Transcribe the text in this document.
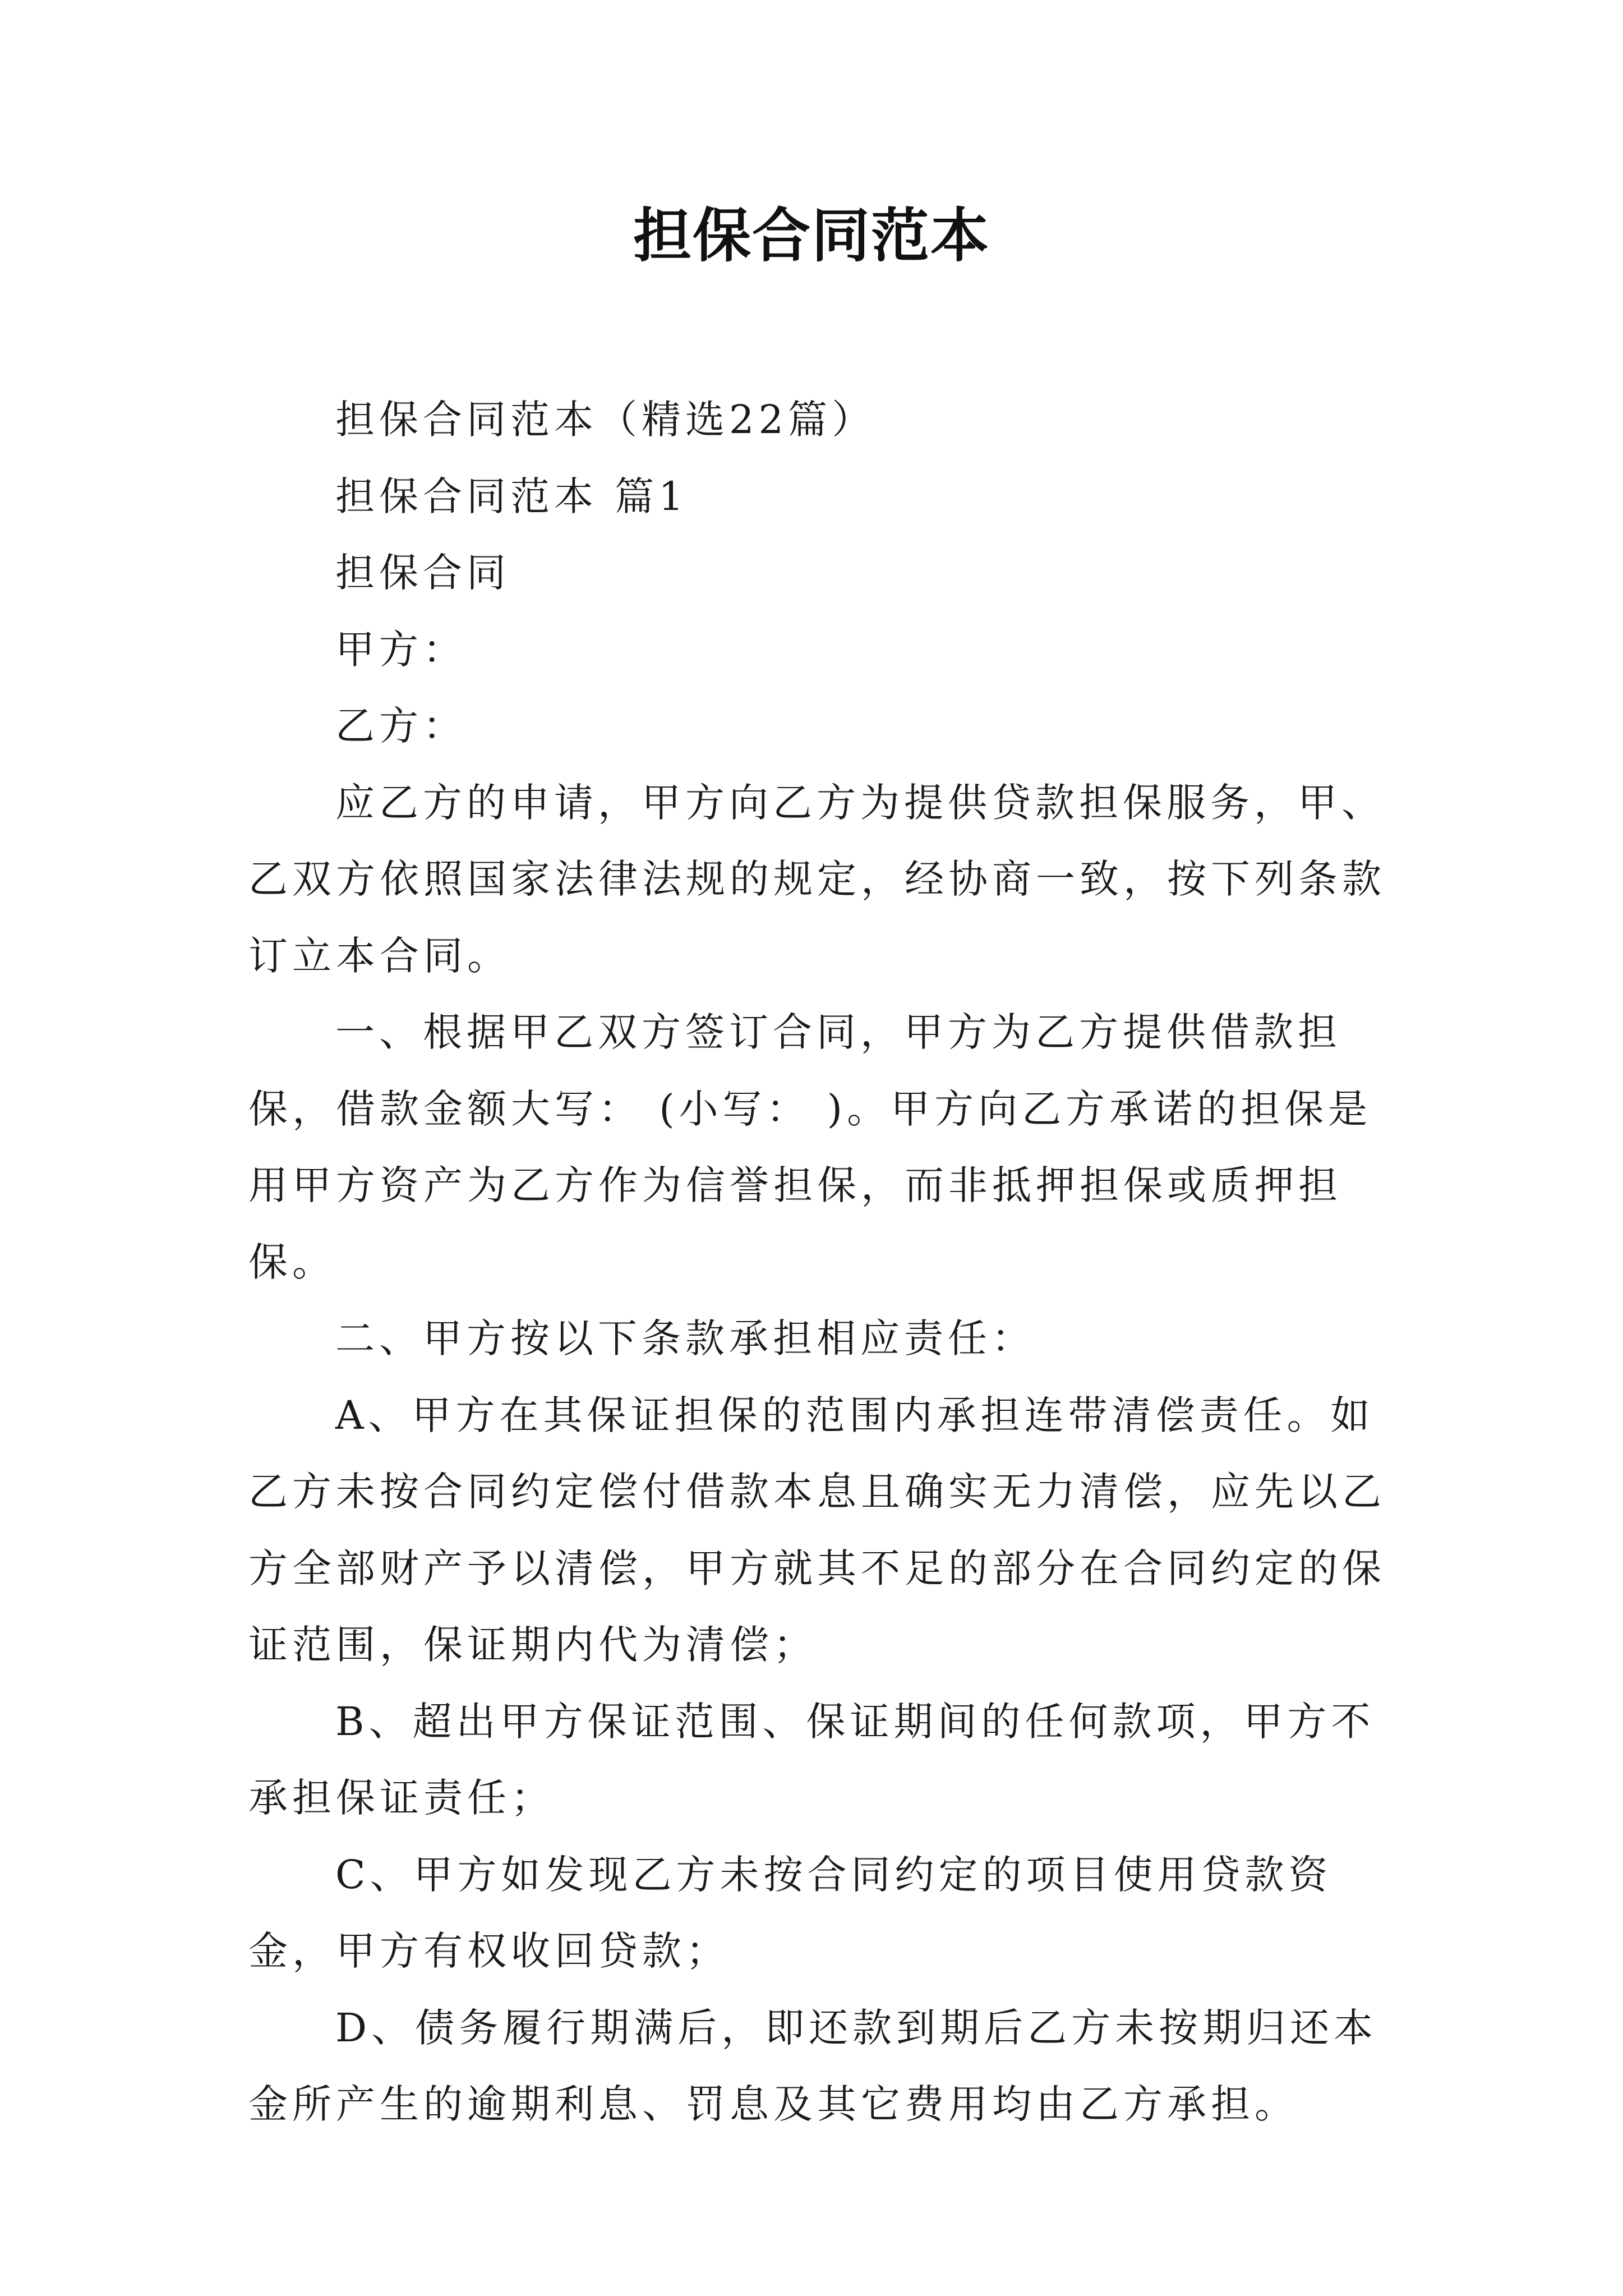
担保合同范本

担保合同范本（精选22篇）

担保合同范本 篇1

担保合同

甲方：

乙方：

应乙方的申请，甲方向乙方为提供贷款担保服务，甲、乙双方依照国家法律法规的规定，经协商一致，按下列条款订立本合同。

一、根据甲乙双方签订合同，甲方为乙方提供借款担保，借款金额大写： (小写： )。甲方向乙方承诺的担保是用甲方资产为乙方作为信誉担保，而非抵押担保或质押担保。

二、甲方按以下条款承担相应责任：

A、甲方在其保证担保的范围内承担连带清偿责任。如乙方未按合同约定偿付借款本息且确实无力清偿，应先以乙方全部财产予以清偿，甲方就其不足的部分在合同约定的保证范围，保证期内代为清偿；

B、超出甲方保证范围、保证期间的任何款项，甲方不承担保证责任；

C、甲方如发现乙方未按合同约定的项目使用贷款资金，甲方有权收回贷款；

D、债务履行期满后，即还款到期后乙方未按期归还本金所产生的逾期利息、罚息及其它费用均由乙方承担。
